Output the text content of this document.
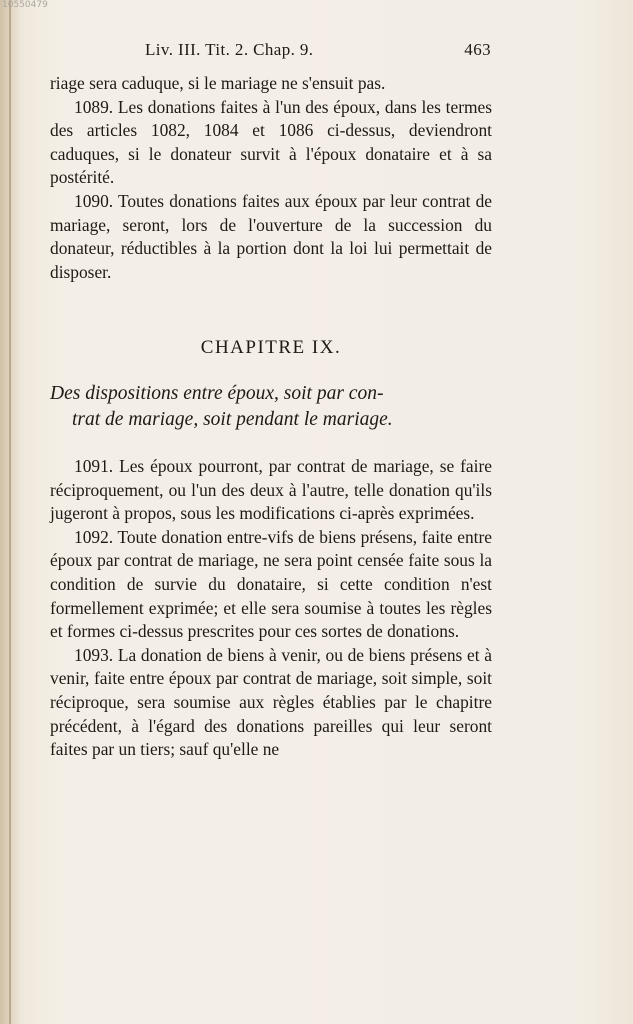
10550479
Liv. III. Tit. 2. Chap. 9.	463

riage sera caduque, si le mariage ne s'ensuit pas.

1089. Les donations faites à l'un des époux, dans les termes des articles 1082, 1084 et 1086 ci-dessus, deviendront caduques, si le donateur survit à l'époux donataire et à sa postérité.

1090. Toutes donations faites aux époux par leur contrat de mariage, seront, lors de l'ouverture de la succession du donateur, réductibles à la portion dont la loi lui permettait de disposer.

CHAPITRE IX.
Des dispositions entre époux, soit par con-
trat de mariage, soit pendant le mariage.

1091. Les époux pourront, par contrat de mariage, se faire réciproquement, ou l'un des deux à l'autre, telle donation qu'ils jugeront à propos, sous les modifications ci-après exprimées.

1092. Toute donation entre-vifs de biens présens, faite entre époux par contrat de mariage, ne sera point censée faite sous la condition de survie du donataire, si cette condition n'est formellement exprimée; et elle sera soumise à toutes les règles et formes ci-dessus prescrites pour ces sortes de donations.

1093. La donation de biens à venir, ou de biens présens et à venir, faite entre époux par contrat de mariage, soit simple, soit réciproque, sera soumise aux règles établies par le chapitre précédent, à l'égard des donations pareilles qui leur seront faites par un tiers; sauf qu'elle ne
